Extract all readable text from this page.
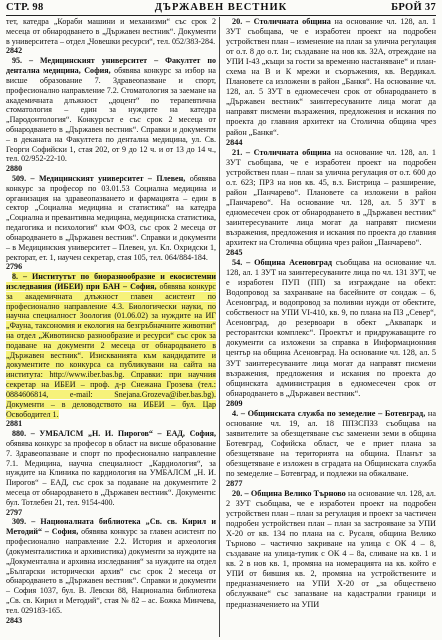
ДЪРЖАВЕН ВЕСТНИК
СТР. 98	БРОЙ 37

тет, катедра „Кораби машини и механизми“ със срок 2 месеца от обнародването в „Държавен вестник“. Документи в университета – отдел „Човешки ресурси“, тел. 052/383-284.

2842

95. – Медицинският университет – Факултет по дентална медицина, София, обявява конкурс за избор на висше образование 7. Здравеопазване и спорт, професионално направление 7.2. Стоматология за заемане на академичната длъжност „доцент“ по терапевтична стоматология – един за нуждите на катедра „Пародонтология“. Конкурсът е със срок 2 месеца от обнародването в „Държавен вестник“. Справки и документи – в деканата на Факултета по дентална медицина, ул. Св. Георги Софийски 1, стая 202, от 9 до 12 ч. и от 13 до 14 ч., тел. 02/952-22-10.

2880

509. – Медицинският университет – Плевен, обявява конкурс за професор по 03.01.53 Социална медицина и организация на здравеопазването и фармацията – един в сектор „Социална медицина и статистика“ на катедра „Социална и превантивна медицина, медицинска статистика, педагогика и психология“ към ФОЗ, със срок 2 месеца от обнародването в „Държавен вестник“. Справки и документи – в Медицинския университет – Плевен, ул. Кл. Охридски 1, ректорат, ет. 1, научен секретар, стая 105, тел. 064/884-184.

2796

8. – Институтът по биоразнообразие и екосистемни изследвания (ИБЕИ) при БАН – София, обявява конкурс за академичната длъжност главен асистент по професионално направление 4.3. Биологически науки, по научна специалност Зоология (01.06.02) за нуждите на ИГ „Фауна, таксономия и екология на безгръбначните животни“ на отдел „Животинско разнообразие и ресурси“ със срок за подаване на документи 2 месеца от обнародването в „Държавен вестник“. Изискванията към кандидатите и документите по конкурса са публикувани на сайта на института: http://www.iber.bas.bg. Справки: при научния секретар на ИБЕИ – проф. д-р Снежана Грозева (тел.: 0884606814, e-mail: Snejana.Grozeva@iber.bas.bg). Документи – в деловодството на ИБЕИ – бул. Цар Освободител 1.

2881

880. – УМБАЛСМ „Н. И. Пирогов“ – ЕАД, София, обявява конкурс за професор в област на висше образование 7. Здравеопазване и спорт по професионално направление 7.1. Медицина, научна специалност „Кардиология“, за нуждите на Клиника по кардиология на УМБАЛСМ „Н. И. Пирогов“ – ЕАД, със срок за подаване на документите 2 месеца от обнародването в „Държавен вестник“. Документи: бул. Тотлебен 21, тел. 9154-400.

2797

309. – Националната библиотека „Св. св. Кирил и Методий“ – София, обявява конкурс за главен асистент по професионално направление 2.2. История и археология (документалистика и архивистика) документи за нуждите на „Документална и архивна изследвания“ за нуждите на отдел „Български исторически архив“ със срок 2 месеца от обнародването в „Държавен вестник“. Справки и документи – София 1037, бул. В. Левски 88, Национална библиотека „Св. св. Кирил и Методий“, стая № 82 – ас. Божка Минчева, тел. 029183-165.

2843

20. – Столичната община на основание чл. 128, ал. 1 ЗУТ съобщава, че е изработен проект на подробен устройствен план – изменение на план за улична регулация от о.т. 8 до о.т. 1и; създаване на нов кв. 32А, отреждане на УПИ I-43 „къщи за гости за временно настаняване“ и план-схема на В и К мрежи и съоръжения, кв. Вердикал. Плановете са изложени в район „Банкя“. На основание чл. 128, ал. 5 ЗУТ в едномесечен срок от обнародването в „Държавен вестник“ заинтересуваните лица могат да направят писмени възражения, предложения и искания по проекта до главния архитект на Столична община чрез район „Банкя“.

2844

21. – Столичната община на основание чл. 128, ал. 1 ЗУТ съобщава, че е изработен проект на подробен устройствен план – план за улична регулация от о.т. 600 до о.т. 623; ПРЗ на нов кв. 45, в.з. Бистрица – разширение, район „Панчарево“. Плановете са изложени в район „Панчарево“. На основание чл. 128, ал. 5 ЗУТ в едномесечен срок от обнародването в „Държавен вестник“ заинтересуваните лица могат да направят писмени възражения, предложения и искания по проекта до главния архитект на Столична община чрез район „Панчарево“.

2845

54. – Община Асеновград съобщава на основание чл. 128, ал. 1 ЗУТ на заинтересуваните лица по чл. 131 ЗУТ, че е изработен ПУП (ПП) за изграждане на обект: Водопровод за захранване на басейните от сондаж – 6, Асеновград, и водопровод за поливни нужди от обектите, собственост на УПИ VI-410, кв. 9, по плана на ПЗ „Север“, Асеновград, до резервоари в обект „Аквапарк и ресторантски комплекс“. Проектът и придружаващите го документи са изложени за справка в Информационния център на община Асеновград. На основание чл. 128, ал. 5 ЗУТ заинтересуваните лица могат да направят писмени възражения, предложения и искания по проекта до общинската администрация в едномесечен срок от обнародването в „Държавен вестник“.

2809

4. – Общинската служба по земеделие – Ботевград, на основание чл. 19, ал. 18 ППЗСПЗЗ съобщава на заявителите за обезщетяване със заменени земи в община Ботевград, Софийска област, че е приет плана за обезщетяване на територията на община. Планът за обезщетяване е изложен в сградата на Общинската служба по земеделие – Ботевград, и подлежи на обжалване.

2877

20. – Община Велико Търново на основание чл. 128, ал. 2 ЗУТ съобщава, че е изработен проект на подробен устройствен план – план за регулация и проект за частичен подробен устройствен план – план за застрояване за УПИ Х-20 от кв. 134 по плана на с. Русаля, община Велико Търново – частично закриване на улица с ОК 4 – 8, създаване на улица-тупик с ОК 4 – 8а, сливане на кв. 1 и кв. 2 в нов кв. 1, промяна на номерацията на кв. който е УПИ от бившия кв. 2, промяна на устройствените и предназначението на УПИ Х-20 от „за обществено обслужване“ със запазване на кадастрални граници и предназначението на УПИ
